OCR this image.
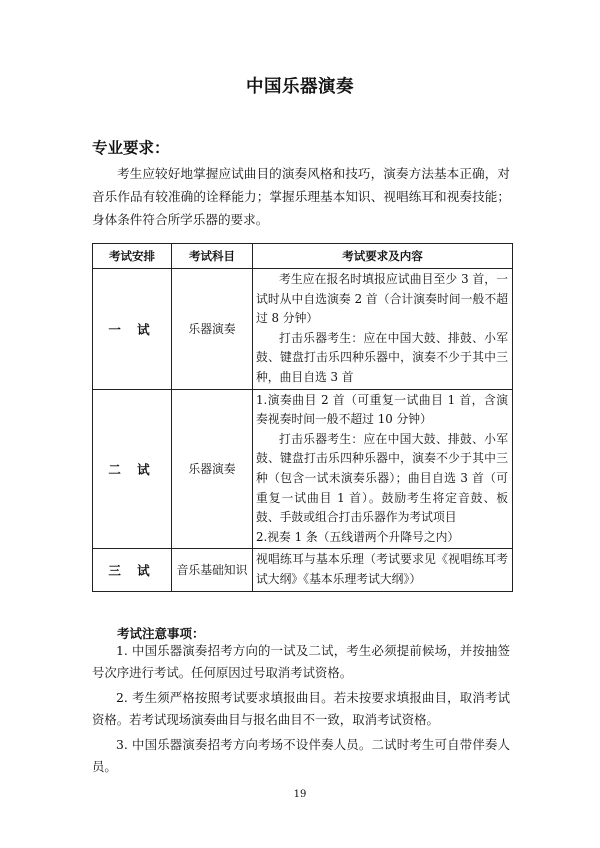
中国乐器演奏
专业要求：

考生应较好地掌握应试曲目的演奏风格和技巧，演奏方法基本正确，对音乐作品有较准确的诠释能力；掌握乐理基本知识、视唱练耳和视奏技能；身体条件符合所学乐器的要求。

考试安排	考试科目	考试要求及内容
一 试	乐器演奏	考生应在报名时填报应试曲目至少 3 首，一试时从中自选演奏 2 首（合计演奏时间一般不超过 8 分钟）

打击乐器考生：应在中国大鼓、排鼓、小军鼓、键盘打击乐四种乐器中，演奏不少于其中三种，曲目自选 3 首

二 试	乐器演奏	1.演奏曲目 2 首（可重复一试曲目 1 首，含演奏视奏时间一般不超过 10 分钟）

打击乐器考生：应在中国大鼓、排鼓、小军鼓、键盘打击乐四种乐器中，演奏不少于其中三种（包含一试未演奏乐器）；曲目自选 3 首（可重复一试曲目 1 首）。鼓励考生将定音鼓、板鼓、手鼓或组合打击乐器作为考试项目

2.视奏 1 条（五线谱两个升降号之内）

三 试	音乐基础知识	视唱练耳与基本乐理（考试要求见《视唱练耳考试大纲》《基本乐理考试大纲》）

考试注意事项：

1. 中国乐器演奏招考方向的一试及二试，考生必须提前候场，并按抽签号次序进行考试。任何原因过号取消考试资格。

2. 考生须严格按照考试要求填报曲目。若未按要求填报曲目，取消考试资格。若考试现场演奏曲目与报名曲目不一致，取消考试资格。

3. 中国乐器演奏招考方向考场不设伴奏人员。二试时考生可自带伴奏人员。

19
